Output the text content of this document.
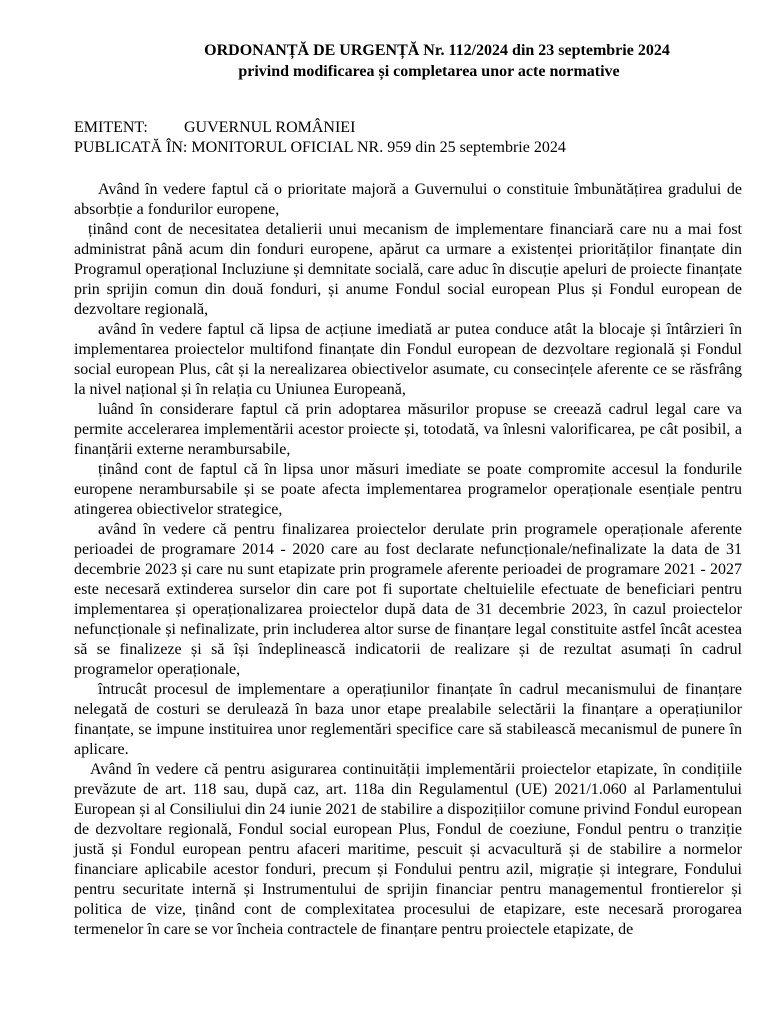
ORDONANȚĂ DE URGENȚĂ Nr. 112/2024 din 23 septembrie 2024
privind modificarea și completarea unor acte normative
EMITENT: GUVERNUL ROMÂNIEI
PUBLICATĂ ÎN: MONITORUL OFICIAL NR. 959 din 25 septembrie 2024

Având în vedere faptul că o prioritate majoră a Guvernului o constituie îmbunătățirea gradului de absorbție a fondurilor europene,

ținând cont de necesitatea detalierii unui mecanism de implementare financiară care nu a mai fost administrat până acum din fonduri europene, apărut ca urmare a existenței priorităților finanțate din Programul operațional Incluziune și demnitate socială, care aduc în discuție apeluri de proiecte finanțate prin sprijin comun din două fonduri, și anume Fondul social european Plus și Fondul european de dezvoltare regională,

având în vedere faptul că lipsa de acțiune imediată ar putea conduce atât la blocaje și întârzieri în implementarea proiectelor multifond finanțate din Fondul european de dezvoltare regională și Fondul social european Plus, cât și la nerealizarea obiectivelor asumate, cu consecințele aferente ce se răsfrâng la nivel național și în relația cu Uniunea Europeană,

luând în considerare faptul că prin adoptarea măsurilor propuse se creează cadrul legal care va permite accelerarea implementării acestor proiecte și, totodată, va înlesni valorificarea, pe cât posibil, a finanțării externe nerambursabile,

ținând cont de faptul că în lipsa unor măsuri imediate se poate compromite accesul la fondurile europene nerambursabile și se poate afecta implementarea programelor operaționale esențiale pentru atingerea obiectivelor strategice,

având în vedere că pentru finalizarea proiectelor derulate prin programele operaționale aferente perioadei de programare 2014 - 2020 care au fost declarate nefuncționale/nefinalizate la data de 31 decembrie 2023 și care nu sunt etapizate prin programele aferente perioadei de programare 2021 - 2027 este necesară extinderea surselor din care pot fi suportate cheltuielile efectuate de beneficiari pentru implementarea și operaționalizarea proiectelor după data de 31 decembrie 2023, în cazul proiectelor nefuncționale și nefinalizate, prin includerea altor surse de finanțare legal constituite astfel încât acestea să se finalizeze și să își îndeplinească indicatorii de realizare și de rezultat asumați în cadrul programelor operaționale,

întrucât procesul de implementare a operațiunilor finanțate în cadrul mecanismului de finanțare nelegată de costuri se derulează în baza unor etape prealabile selectării la finanțare a operațiunilor finanțate, se impune instituirea unor reglementări specifice care să stabilească mecanismul de punere în aplicare.

Având în vedere că pentru asigurarea continuității implementării proiectelor etapizate, în condițiile prevăzute de art. 118 sau, după caz, art. 118a din Regulamentul (UE) 2021/1.060 al Parlamentului European și al Consiliului din 24 iunie 2021 de stabilire a dispozițiilor comune privind Fondul european de dezvoltare regională, Fondul social european Plus, Fondul de coeziune, Fondul pentru o tranziție justă și Fondul european pentru afaceri maritime, pescuit și acvacultură și de stabilire a normelor financiare aplicabile acestor fonduri, precum și Fondului pentru azil, migrație și integrare, Fondului pentru securitate internă și Instrumentului de sprijin financiar pentru managementul frontierelor și politica de vize, ținând cont de complexitatea procesului de etapizare, este necesară prorogarea termenelor în care se vor încheia contractele de finanțare pentru proiectele etapizate, de
